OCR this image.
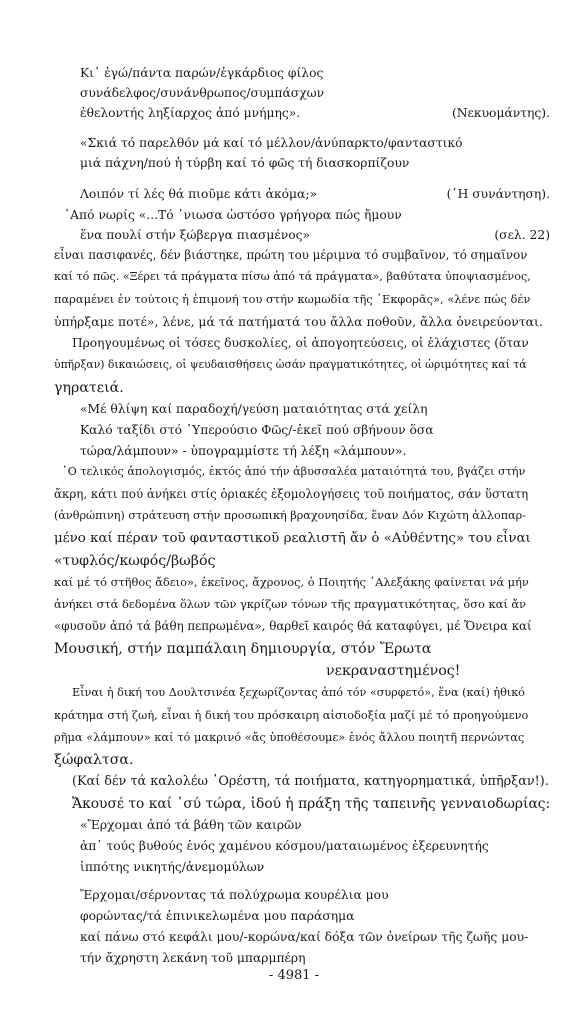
Κι᾿ ἐγώ/πάντα παρών/ἐγκάρδιος φίλος
συνάδελφος/συνάνθρωπος/συμπάσχων
ἐθελοντής ληξίαρχος ἀπό μνήμης».	(Νεκυομάντης).
«Σκιά τό παρελθόν μά καί τό μέλλον/ἀνύπαρκτο/φανταστικό
μιά πάχνη/πού ἡ τύρβη καί τό φῶς τή διασκορπίζουν
Λοιπόν τί λές θά πιοῦμε κάτι ἀκόμα;»	(῾Η συνάντηση).
᾿Από νωρίς «...Τό ᾿νιωσα ὡστόσο γρήγορα πώς ἤμουν
ἕνα πουλί στήν ξώβεργα πιασμένος»	(σελ. 22)
εἶναι πασιφανές, δέν βιάστηκε, πρώτη του μέριμνα τό συμβαῖνον, τό σημαῖνον
καί τό πῶς. «Ξέρει τά πράγματα πίσω ἀπό τά πράγματα», βαθύτατα ὑποψιασμένος,
παραμένει ἐν τούτοις ἡ ἐπιμονή του στήν κωμωδία τῆς ᾿Εκφορᾶς», «λένε πώς δέν
ὑπήρξαμε ποτέ», λένε, μά τά πατήματά του ἄλλα ποθοῦν, ἄλλα ὀνειρεύονται.
Προηγουμένως οἱ τόσες δυσκολίες, οἱ ἀπογοητεύσεις, οἱ ἐλάχιστες (ὅταν
ὑπῆρξαν) δικαιώσεις, οἱ ψευδαισθήσεις ὡσάν πραγματικότητες, οἱ ὡριμότητες καί τά
γηρατειά.
«Μέ θλίψη καί παραδοχή/γεύση ματαιότητας στά χείλη
Καλό ταξίδι στό ῾Υπερούσιο Φῶς/-ἐκεῖ πού σβήνουν ὅσα
τώρα/λάμπουν» - ὑπογραμμίστε τή λέξη «λάμπουν».
῾Ο τελικός ἀπολογισμός, ἐκτός ἀπό τήν ἀβυσσαλέα ματαιότητά του, βγάζει στήν
ἄκρη, κάτι πού ἀνήκει στίς ὁριακές ἐξομολογήσεις τοῦ ποιήματος, σάν ὕστατη
(ἀνθρώπινη) στράτευση στήν προσωπική βραχονησίδα, ἕναν Δόν Κιχώτη ἀλλοπαρ-
μένο καί πέραν τοῦ φανταστικοῦ ρεαλιστῆ ἄν ὁ «Αὐθέντης» του εἶναι
«τυφλός/κωφός/βωβός
καί μέ τό στῆθος ἄδειο», ἐκεῖνος, ἄχρονος, ὁ Ποιητής ᾿Αλεξάκης φαίνεται νά μήν
ἀνήκει στά δεδομένα ὅλων τῶν γκρίζων τόνων τῆς πραγματικότητας, ὅσο καί ἄν
«φυσοῦν ἀπό τά βάθη πεπρωμένα», θαρθεῖ καιρός θά καταφύγει, μέ Ὄνειρα καί
Μουσική, στήν παμπάλαιη δημιουργία, στόν Ἔρωτα
νεκραναστημένος!
Εἶναι ἡ δική του Δουλτσινέα ξεχωρίζοντας ἀπό τόν «συρφετό», ἕνα (καί) ἠθικό
κράτημα στή ζωή, εἶναι ἡ δική του πρόσκαιρη αἰσιοδοξία μαζί μέ τό προηγούμενο
ρῆμα «λάμπουν» καί τό μακρινό «ἄς ὑποθέσουμε» ἑνός ἄλλου ποιητῆ περνώντας
ξώφαλτσα.
(Καί δέν τά καλολέω ᾿Ορέστη, τά ποιήματα, κατηγορηματικά, ὑπῆρξαν!).
Ἄκουσέ το καί ᾿σύ τώρα, ἰδού ἡ πράξη τῆς ταπεινῆς γενναιοδωρίας:
«Ἔρχομαι ἀπό τά βάθη τῶν καιρῶν
ἀπ᾿ τούς βυθούς ἑνός χαμένου κόσμου/ματαιωμένος ἐξερευνητής
ἱππότης νικητής/ἀνεμομύλων
Ἔρχομαι/σέρνοντας τά πολύχρωμα κουρέλια μου
φορώντας/τά ἐπινικελωμένα μου παράσημα
καί πάνω στό κεφάλι μου/-κορώνα/καί δόξα τῶν ὀνείρων τῆς ζωῆς μου-
τήν ἄχρηστη λεκάνη τοῦ μπαρμπέρη
- 4981 -
